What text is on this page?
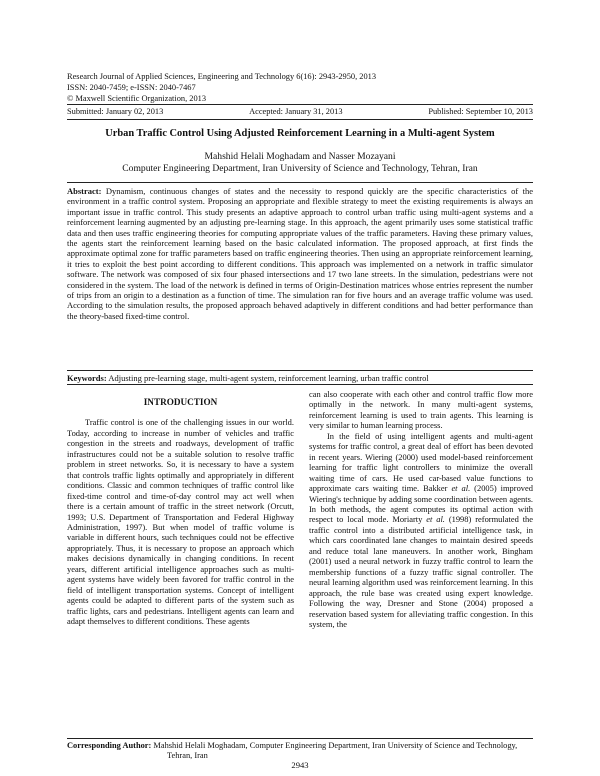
Research Journal of Applied Sciences, Engineering and Technology 6(16): 2943-2950, 2013
ISSN: 2040-7459; e-ISSN: 2040-7467
© Maxwell Scientific Organization, 2013
Submitted: January 02, 2013	Accepted: January 31, 2013	Published: September 10, 2013
Urban Traffic Control Using Adjusted Reinforcement Learning in a Multi-agent System
Mahshid Helali Moghadam and Nasser Mozayani
Computer Engineering Department, Iran University of Science and Technology, Tehran, Iran
Abstract: Dynamism, continuous changes of states and the necessity to respond quickly are the specific characteristics of the environment in a traffic control system. Proposing an appropriate and flexible strategy to meet the existing requirements is always an important issue in traffic control. This study presents an adaptive approach to control urban traffic using multi-agent systems and a reinforcement learning augmented by an adjusting pre-learning stage. In this approach, the agent primarily uses some statistical traffic data and then uses traffic engineering theories for computing appropriate values of the traffic parameters. Having these primary values, the agents start the reinforcement learning based on the basic calculated information. The proposed approach, at first finds the approximate optimal zone for traffic parameters based on traffic engineering theories. Then using an appropriate reinforcement learning, it tries to exploit the best point according to different conditions. This approach was implemented on a network in traffic simulator software. The network was composed of six four phased intersections and 17 two lane streets. In the simulation, pedestrians were not considered in the system. The load of the network is defined in terms of Origin-Destination matrices whose entries represent the number of trips from an origin to a destination as a function of time. The simulation ran for five hours and an average traffic volume was used. According to the simulation results, the proposed approach behaved adaptively in different conditions and had better performance than the theory-based fixed-time control.
Keywords: Adjusting pre-learning stage, multi-agent system, reinforcement learning, urban traffic control
INTRODUCTION

Traffic control is one of the challenging issues in our world. Today, according to increase in number of vehicles and traffic congestion in the streets and roadways, development of traffic infrastructures could not be a suitable solution to resolve traffic problem in street networks. So, it is necessary to have a system that controls traffic lights optimally and appropriately in different conditions. Classic and common techniques of traffic control like fixed-time control and time-of-day control may act well when there is a certain amount of traffic in the street network (Orcutt, 1993; U.S. Department of Transportation and Federal Highway Administration, 1997). But when model of traffic volume is variable in different hours, such techniques could not be effective appropriately. Thus, it is necessary to propose an approach which makes decisions dynamically in changing conditions. In recent years, different artificial intelligence approaches such as multi-agent systems have widely been favored for traffic control in the field of intelligent transportation systems. Concept of intelligent agents could be adapted to different parts of the system such as traffic lights, cars and pedestrians. Intelligent agents can learn and adapt themselves to different conditions. These agents

can also cooperate with each other and control traffic flow more optimally in the network. In many multi-agent systems, reinforcement learning is used to train agents. This learning is very similar to human learning process.

In the field of using intelligent agents and multi-agent systems for traffic control, a great deal of effort has been devoted in recent years. Wiering (2000) used model-based reinforcement learning for traffic light controllers to minimize the overall waiting time of cars. He used car-based value functions to approximate cars waiting time. Bakker et al. (2005) improved Wiering's technique by adding some coordination between agents. In both methods, the agent computes its optimal action with respect to local mode. Moriarty et al. (1998) reformulated the traffic control into a distributed artificial intelligence task, in which cars coordinated lane changes to maintain desired speeds and reduce total lane maneuvers. In another work, Bingham (2001) used a neural network in fuzzy traffic control to learn the membership functions of a fuzzy traffic signal controller. The neural learning algorithm used was reinforcement learning. In this approach, the rule base was created using expert knowledge. Following the way, Dresner and Stone (2004) proposed a reservation based system for alleviating traffic congestion. In this system, the

Corresponding Author: Mahshid Helali Moghadam, Computer Engineering Department, Iran University of Science and Technology, Tehran, Iran
2943
